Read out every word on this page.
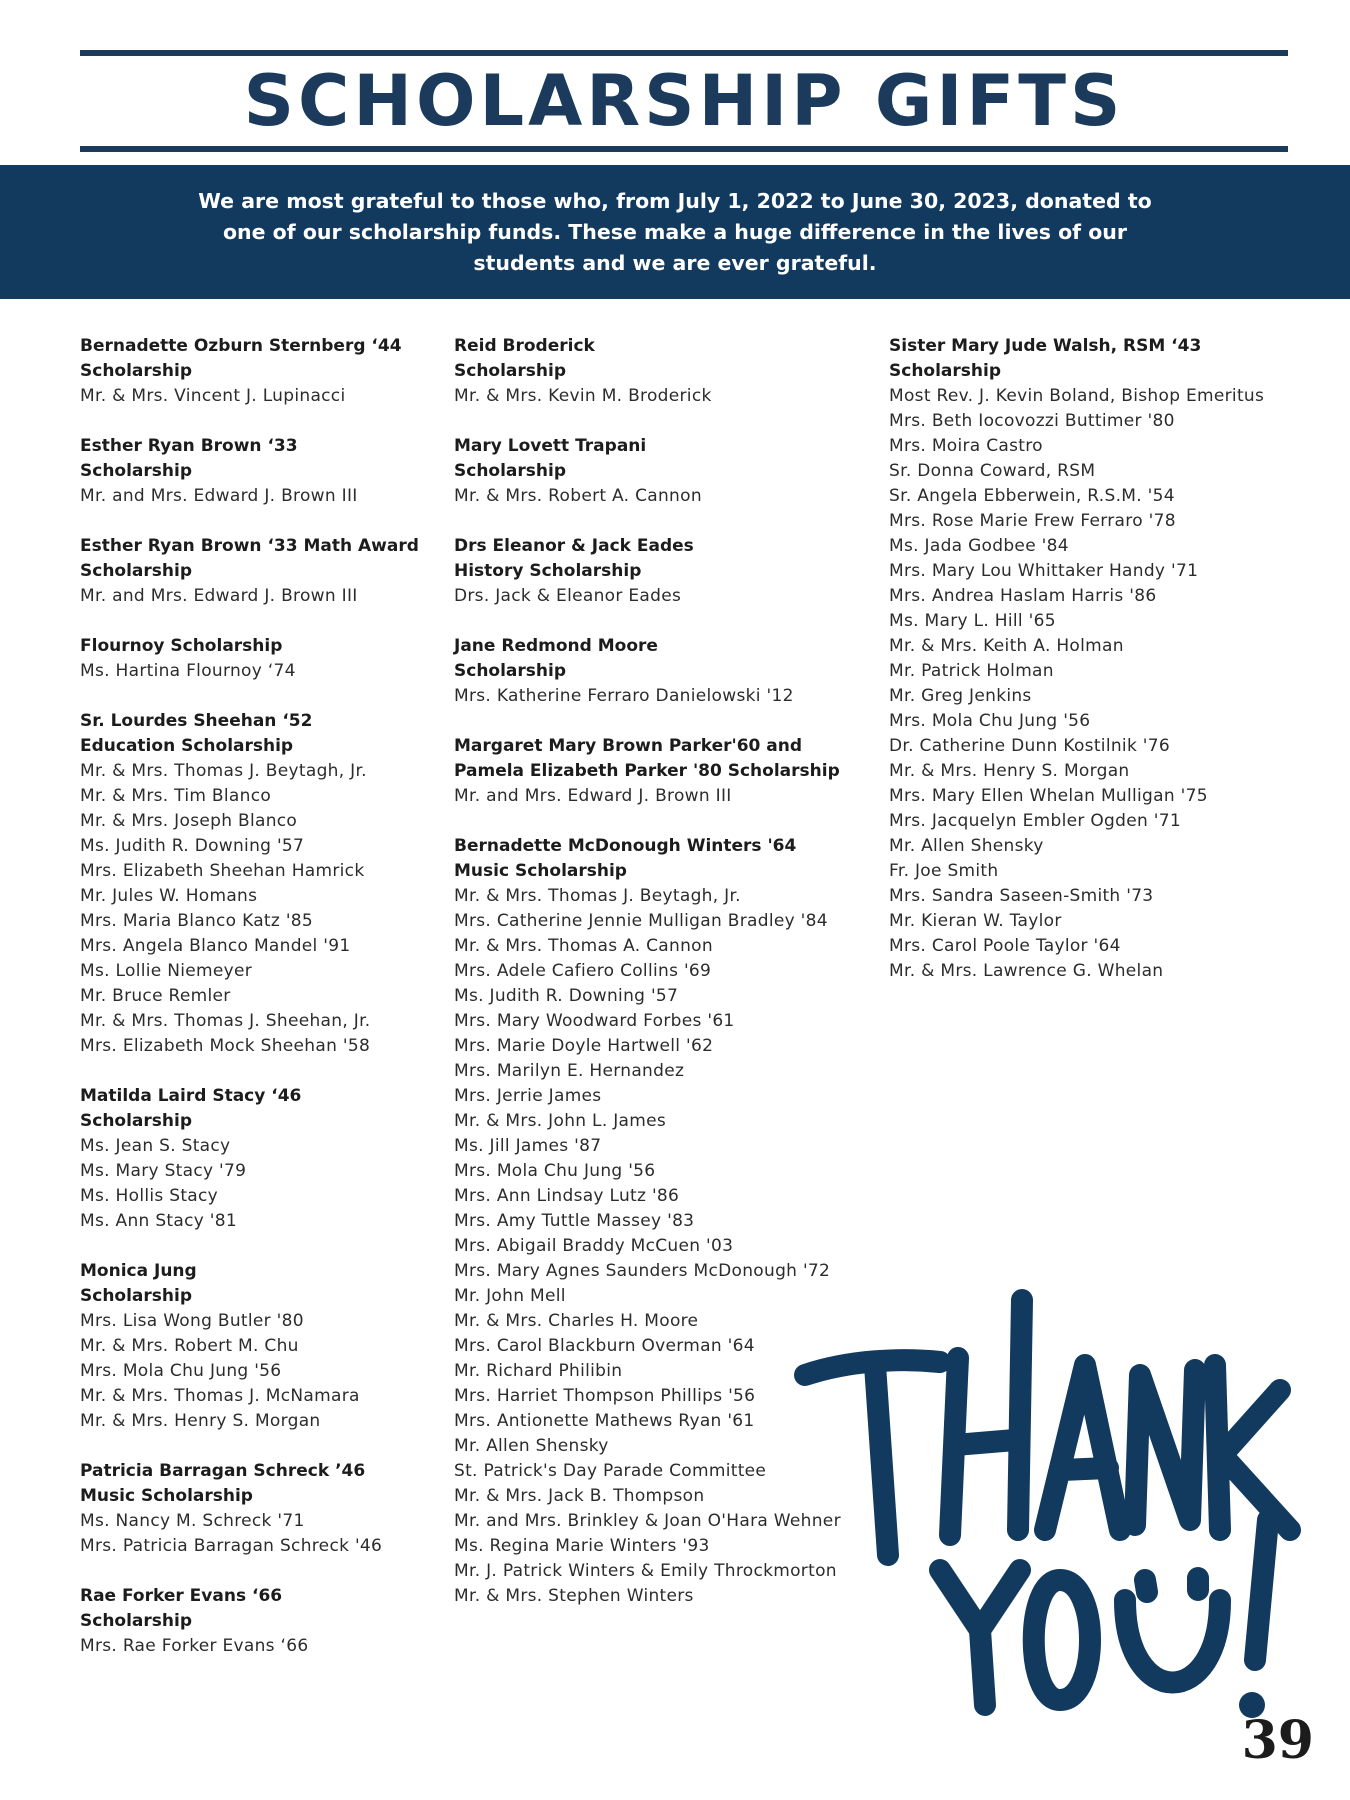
SCHOLARSHIP GIFTS
We are most grateful to those who, from July 1, 2022 to June 30, 2023, donated to one of our scholarship funds. These make a huge difference in the lives of our students and we are ever grateful.
Bernadette Ozburn Sternberg ‘44
Scholarship
Mr. & Mrs. Vincent J. Lupinacci
Esther Ryan Brown ‘33
Scholarship
Mr. and Mrs. Edward J. Brown III
Esther Ryan Brown ‘33 Math Award
Scholarship
Mr. and Mrs. Edward J. Brown III
Flournoy Scholarship
Ms. Hartina Flournoy ‘74
Sr. Lourdes Sheehan ‘52
Education Scholarship
Mr. & Mrs. Thomas J. Beytagh, Jr.
Mr. & Mrs. Tim Blanco
Mr. & Mrs. Joseph Blanco
Ms. Judith R. Downing '57
Mrs. Elizabeth Sheehan Hamrick
Mr. Jules W. Homans
Mrs. Maria Blanco Katz '85
Mrs. Angela Blanco Mandel '91
Ms. Lollie Niemeyer
Mr. Bruce Remler
Mr. & Mrs. Thomas J. Sheehan, Jr.
Mrs. Elizabeth Mock Sheehan '58
Matilda Laird Stacy ‘46
Scholarship
Ms. Jean S. Stacy
Ms. Mary Stacy '79
Ms. Hollis Stacy
Ms. Ann Stacy '81
Monica Jung
Scholarship
Mrs. Lisa Wong Butler '80
Mr. & Mrs. Robert M. Chu
Mrs. Mola Chu Jung '56
Mr. & Mrs. Thomas J. McNamara
Mr. & Mrs. Henry S. Morgan
Patricia Barragan Schreck ’46
Music Scholarship
Ms. Nancy M. Schreck '71
Mrs. Patricia Barragan Schreck '46
Rae Forker Evans ‘66
Scholarship
Mrs. Rae Forker Evans ‘66
Reid Broderick
Scholarship
Mr. & Mrs. Kevin M. Broderick
Mary Lovett Trapani
Scholarship
Mr. & Mrs. Robert A. Cannon
Drs Eleanor & Jack Eades
History Scholarship
Drs. Jack & Eleanor Eades
Jane Redmond Moore
Scholarship
Mrs. Katherine Ferraro Danielowski '12
Margaret Mary Brown Parker'60 and
Pamela Elizabeth Parker '80 Scholarship
Mr. and Mrs. Edward J. Brown III
Bernadette McDonough Winters '64
Music Scholarship
Mr. & Mrs. Thomas J. Beytagh, Jr.
Mrs. Catherine Jennie Mulligan Bradley '84
Mr. & Mrs. Thomas A. Cannon
Mrs. Adele Cafiero Collins '69
Ms. Judith R. Downing '57
Mrs. Mary Woodward Forbes '61
Mrs. Marie Doyle Hartwell '62
Mrs. Marilyn E. Hernandez
Mrs. Jerrie James
Mr. & Mrs. John L. James
Ms. Jill James '87
Mrs. Mola Chu Jung '56
Mrs. Ann Lindsay Lutz '86
Mrs. Amy Tuttle Massey '83
Mrs. Abigail Braddy McCuen '03
Mrs. Mary Agnes Saunders McDonough '72
Mr. John Mell
Mr. & Mrs. Charles H. Moore
Mrs. Carol Blackburn Overman '64
Mr. Richard Philibin
Mrs. Harriet Thompson Phillips '56
Mrs. Antionette Mathews Ryan '61
Mr. Allen Shensky
St. Patrick's Day Parade Committee
Mr. & Mrs. Jack B. Thompson
Mr. and Mrs. Brinkley & Joan O'Hara Wehner
Ms. Regina Marie Winters '93
Mr. J. Patrick Winters & Emily Throckmorton
Mr. & Mrs. Stephen Winters
Sister Mary Jude Walsh, RSM ‘43
Scholarship
Most Rev. J. Kevin Boland, Bishop Emeritus
Mrs. Beth Iocovozzi Buttimer '80
Mrs. Moira Castro
Sr. Donna Coward, RSM
Sr. Angela Ebberwein, R.S.M. '54
Mrs. Rose Marie Frew Ferraro '78
Ms. Jada Godbee '84
Mrs. Mary Lou Whittaker Handy '71
Mrs. Andrea Haslam Harris '86
Ms. Mary L. Hill '65
Mr. & Mrs. Keith A. Holman
Mr. Patrick Holman
Mr. Greg Jenkins
Mrs. Mola Chu Jung '56
Dr. Catherine Dunn Kostilnik '76
Mr. & Mrs. Henry S. Morgan
Mrs. Mary Ellen Whelan Mulligan '75
Mrs. Jacquelyn Embler Ogden '71
Mr. Allen Shensky
Fr. Joe Smith
Mrs. Sandra Saseen-Smith '73
Mr. Kieran W. Taylor
Mrs. Carol Poole Taylor '64
Mr. & Mrs. Lawrence G. Whelan
39
